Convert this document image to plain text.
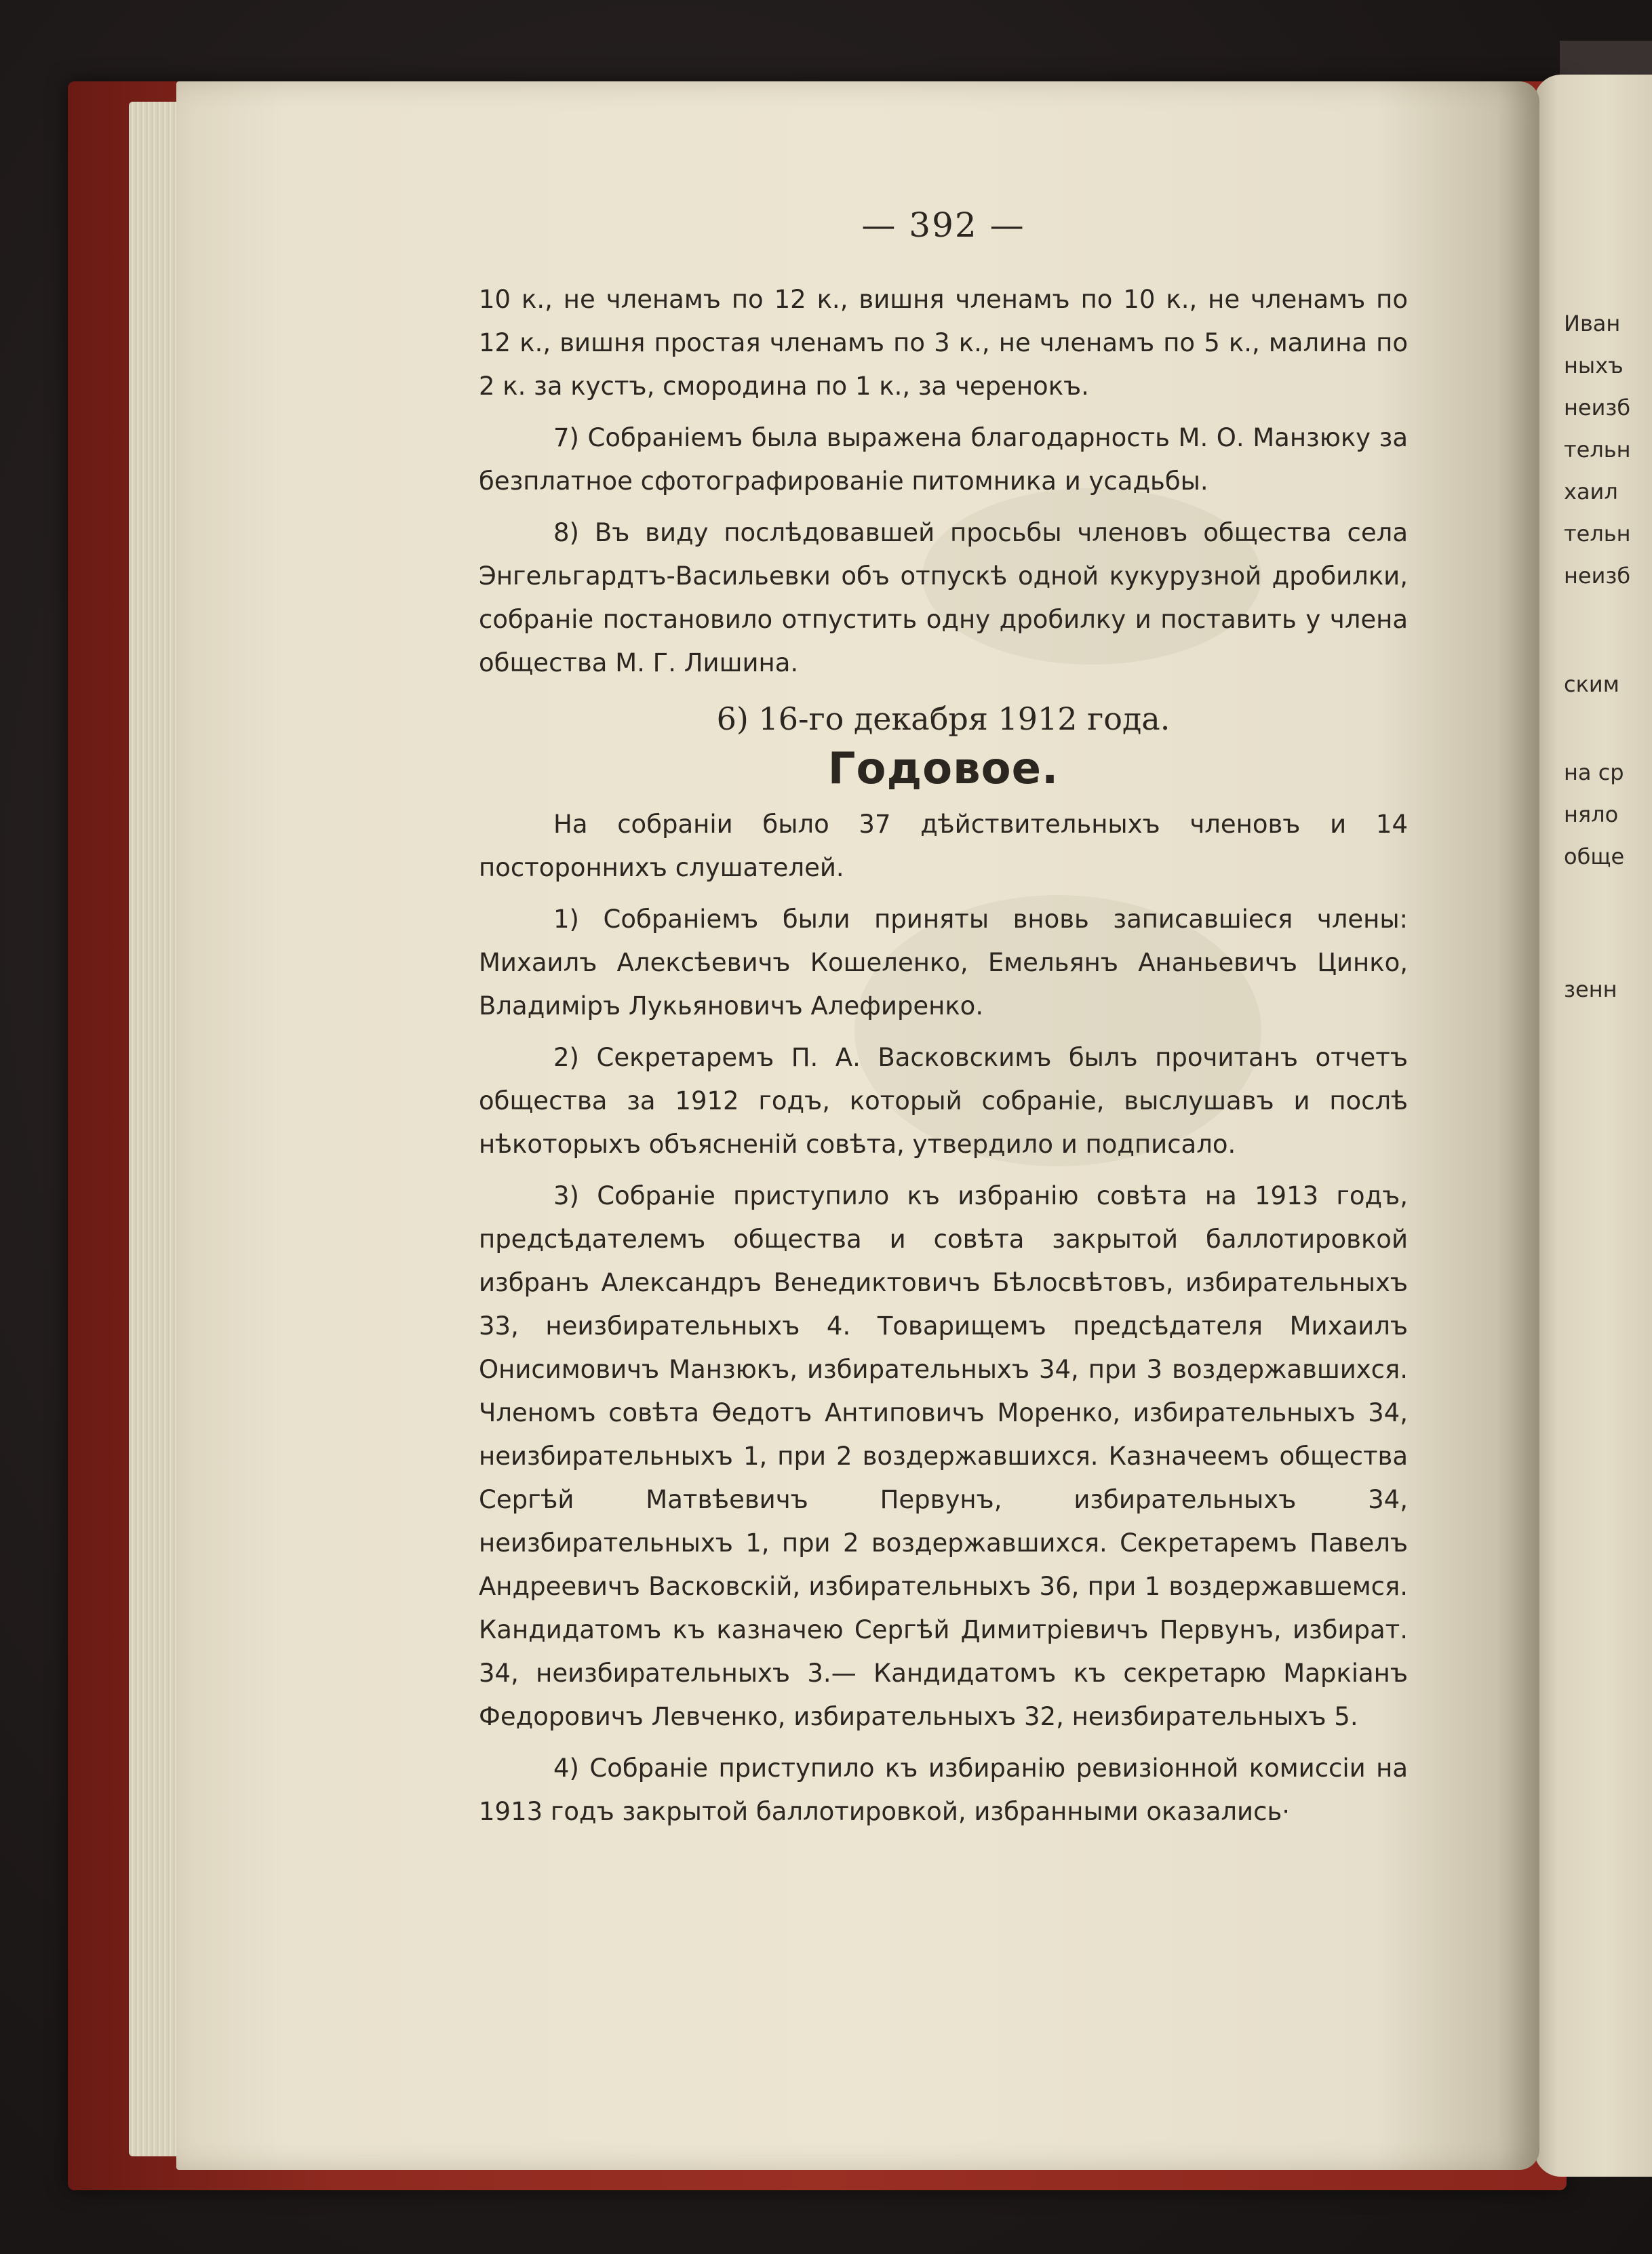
Иван
ныхъ
неизб
тельн
хаил
тельн
неизб
ским
на ср
няло
обще
зенн
— 392 —

10 к., не членамъ по 12 к., вишня членамъ по 10 к., не членамъ по 12 к., вишня простая членамъ по 3 к., не членамъ по 5 к., малина по 2 к. за кустъ, смородина по 1 к., за черенокъ.

7) Собраніемъ была выражена благодарность М. О. Манзюку за безплатное сфотографированіе питомника и усадьбы.

8) Въ виду послѣдовавшей просьбы членовъ общества села Энгельгардтъ-Васильевки объ отпускѣ одной кукурузной дробилки, собраніе постановило отпустить одну дробилку и поставить у члена общества М. Г. Лишина.

6) 16-го декабря 1912 года.
Годовое.

На собраніи было 37 дѣйствительныхъ членовъ и 14 постороннихъ слушателей.

1) Собраніемъ были приняты вновь записавшіеся члены: Михаилъ Алексѣевичъ Кошеленко, Емельянъ Ананьевичъ Цинко, Владиміръ Лукьяновичъ Алефиренко.

2) Секретаремъ П. А. Васковскимъ былъ прочитанъ отчетъ общества за 1912 годъ, который собраніе, выслушавъ и послѣ нѣкоторыхъ объясненій совѣта, утвердило и подписало.

3) Собраніе приступило къ избранію совѣта на 1913 годъ, предсѣдателемъ общества и совѣта закрытой баллотировкой избранъ Александръ Венедиктовичъ Бѣлосвѣтовъ, избирательныхъ 33, неизбирательныхъ 4. Товарищемъ предсѣдателя Михаилъ Онисимовичъ Манзюкъ, избирательныхъ 34, при 3 воздержавшихся. Членомъ совѣта Ѳедотъ Антиповичъ Моренко, избирательныхъ 34, неизбирательныхъ 1, при 2 воздержавшихся. Казначеемъ общества Сергѣй Матвѣевичъ Первунъ, избирательныхъ 34, неизбирательныхъ 1, при 2 воздержавшихся. Секретаремъ Павелъ Андреевичъ Васковскій, избирательныхъ 36, при 1 воздержавшемся. Кандидатомъ къ казначею Сергѣй Димитріевичъ Первунъ, избират. 34, неизбирательныхъ 3.— Кандидатомъ къ секретарю Маркіанъ Федоровичъ Левченко, избирательныхъ 32, неизбирательныхъ 5.

4) Собраніе приступило къ избиранію ревизіонной комиссіи на 1913 годъ закрытой баллотировкой, избранными оказались·
